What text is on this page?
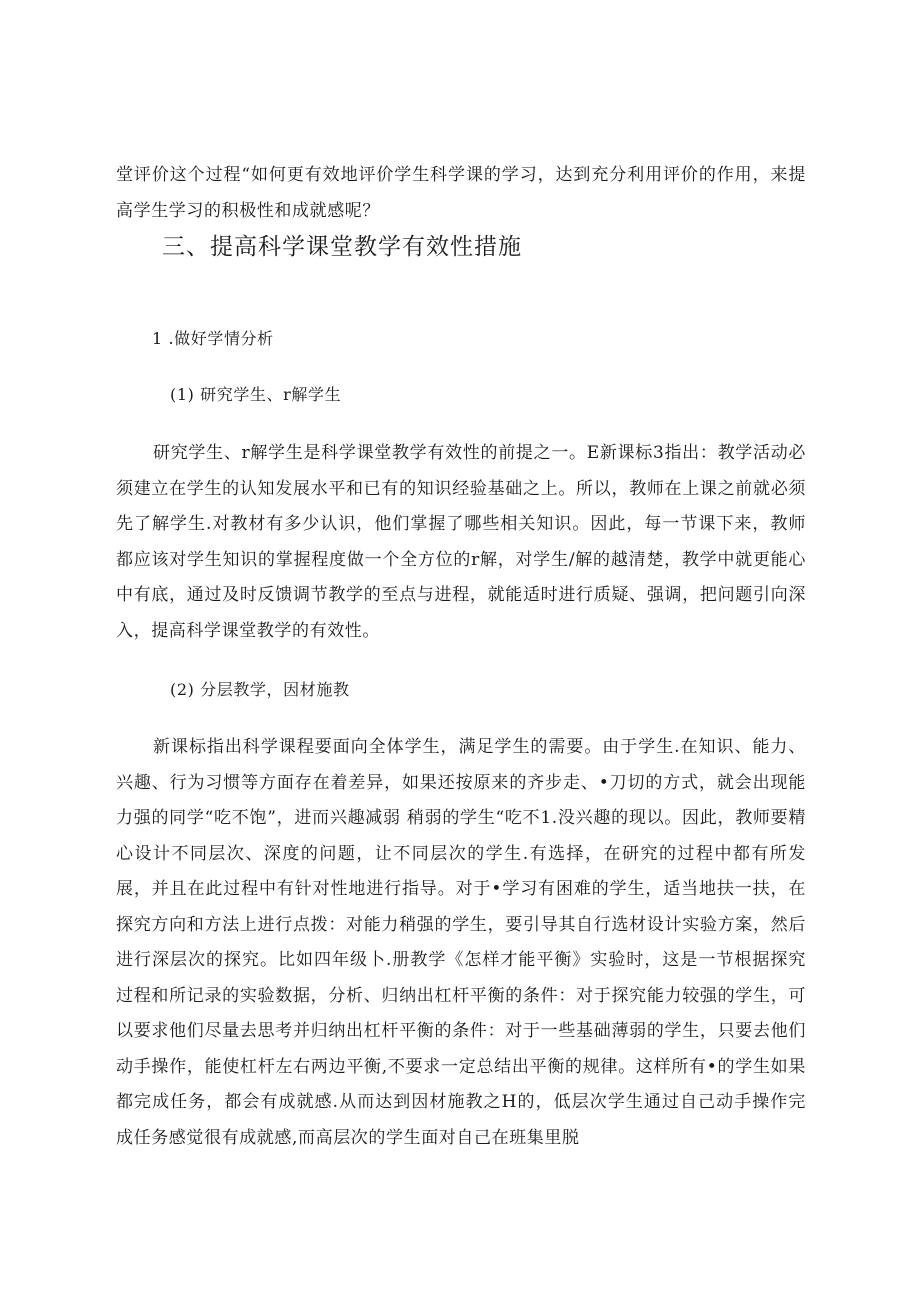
堂评价这个过程“如何更有效地评价学生科学课的学习，达到充分利用评价的作用，来提高学生学习的积极性和成就感呢？

三、提高科学课堂教学有效性措施

1 .做好学情分析

(1) 研究学生、r解学生

研究学生、r解学生是科学课堂教学有效性的前提之一。E新课标3指出：教学活动必须建立在学生的认知发展水平和已有的知识经验基础之上。所以，教师在上课之前就必须先了解学生.对教材有多少认识，他们掌握了哪些相关知识。因此，每一节课下来，教师都应该对学生知识的掌握程度做一个全方位的r解，对学生/解的越清楚，教学中就更能心中有底，通过及时反馈调节教学的至点与进程，就能适时进行质疑、强调，把问题引向深入，提高科学课堂教学的有效性。

(2) 分层教学，因材施教

新课标指出科学课程要面向全体学生，满足学生的需要。由于学生.在知识、能力、兴趣、行为习惯等方面存在着差异，如果还按原来的齐步走、•刀切的方式，就会出现能力强的同学“吃不饱”，进而兴趣减弱 稍弱的学生“吃不1.没兴趣的现以。因此，教师要精心设计不同层次、深度的问题，让不同层次的学生.有选择，在研究的过程中都有所发展，并且在此过程中有针对性地进行指导。对于•学习有困难的学生，适当地扶一扶，在探究方向和方法上进行点拨：对能力稍强的学生，要引导其自行选材设计实验方案，然后进行深层次的探究。比如四年级卜.册教学《怎样才能平衡》实验时，这是一节根据探究过程和所记录的实验数据，分析、归纳出杠杆平衡的条件：对于探究能力较强的学生，可以要求他们尽量去思考并归纳出杠杆平衡的条件：对于一些基础薄弱的学生，只要去他们动手操作，能使杠杆左右两边平衡,不要求一定总结出平衡的规律。这样所有•的学生如果都完成任务，都会有成就感.从而达到因材施教之H的，低层次学生通过自己动手操作完成任务感觉很有成就感,而高层次的学生面对自己在班集里脱
